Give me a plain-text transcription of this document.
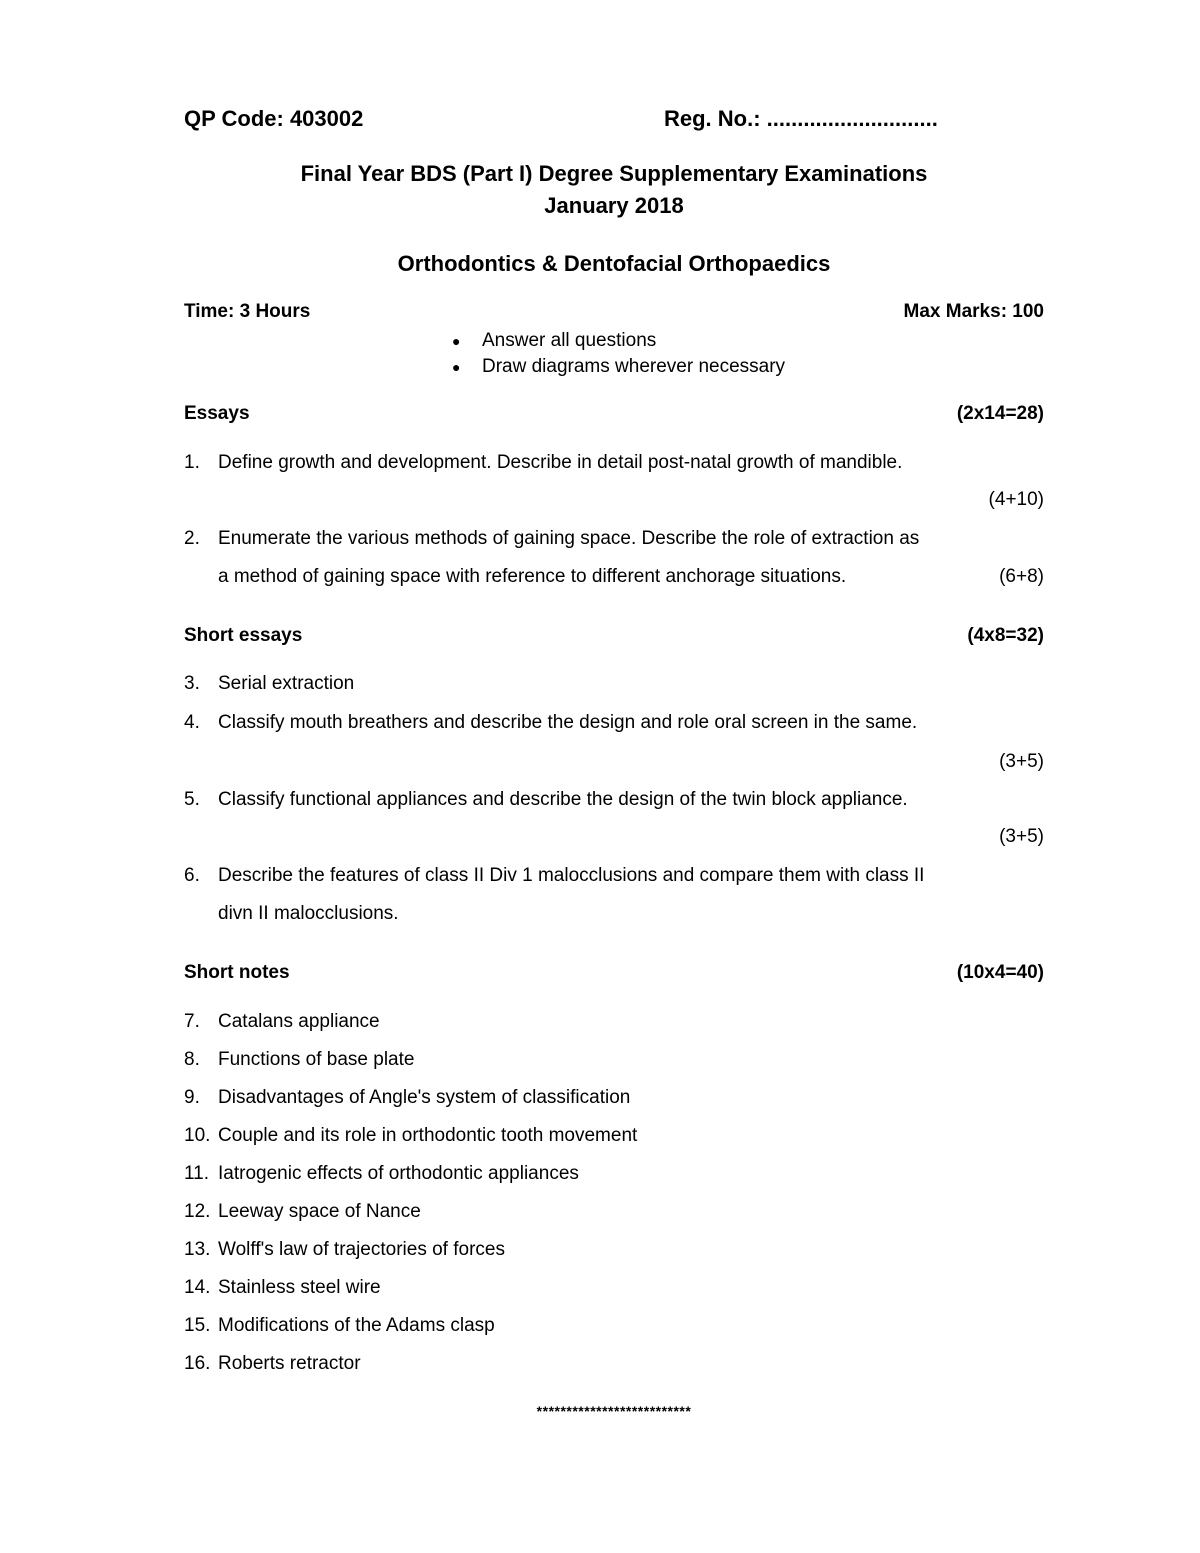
QP Code: 403002	Reg. No.: ............................
Final Year BDS (Part I) Degree Supplementary Examinations
January 2018
Orthodontics & Dentofacial Orthopaedics
Time: 3 Hours	Max Marks: 100
● Answer all questions
● Draw diagrams wherever necessary
Essays	(2x14=28)
1. Define growth and development. Describe in detail post-natal growth of mandible.
(4+10)
2. Enumerate the various methods of gaining space. Describe the role of extraction as
a method of gaining space with reference to different anchorage situations.	(6+8)
Short essays	(4x8=32)
3. Serial extraction
4. Classify mouth breathers and describe the design and role oral screen in the same.
(3+5)
5. Classify functional appliances and describe the design of the twin block appliance.
(3+5)
6. Describe the features of class II Div 1 malocclusions and compare them with class II
divn II malocclusions.
Short notes	(10x4=40)
7. Catalans appliance
8. Functions of base plate
9. Disadvantages of Angle's system of classification
10. Couple and its role in orthodontic tooth movement
11. Iatrogenic effects of orthodontic appliances
12. Leeway space of Nance
13. Wolff's law of trajectories of forces
14. Stainless steel wire
15. Modifications of the Adams clasp
16. Roberts retractor
**************************
